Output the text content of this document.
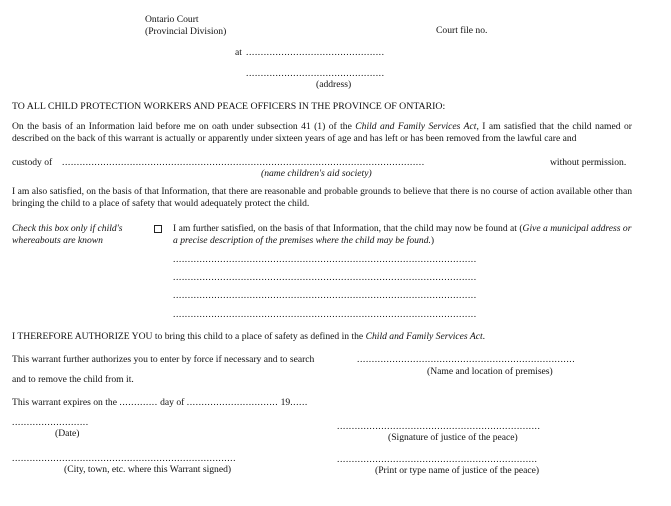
Ontario Court
(Provincial Division)	Court file no.
at ...............................................
...............................................
(address)
TO ALL CHILD PROTECTION WORKERS AND PEACE OFFICERS IN THE PROVINCE OF ONTARIO:
On the basis of an Information laid before me on oath under subsection 41 (1) of the Child and Family Services Act, I am satisfied that the child named or described on the back of this warrant is actually or apparently under sixteen years of age and has left or has been removed from the lawful care and
custody of ...........................................................................................................................	without permission.
(name children's aid society)
I am also satisfied, on the basis of that Information, that there are reasonable and probable grounds to believe that there is no course of action available other than bringing the child to a place of safety that would adequately protect the child.
Check this box only if child's
whereabouts are known
I am further satisfied, on the basis of that Information, that the child may now be found at (Give a municipal address or a precise description of the premises where the child may be found.)
.......................................................................................................
.......................................................................................................
.......................................................................................................
.......................................................................................................
I THEREFORE AUTHORIZE YOU to bring this child to a place of safety as defined in the Child and Family Services Act.
This warrant further authorizes you to enter by force if necessary and to search	..........................................................................
(Name and location of premises)
and to remove the child from it.
This warrant expires on the ............. day of ............................... 19......
..........................
(Date)
.....................................................................
(Signature of justice of the peace)
............................................................................
(City, town, etc. where this Warrant signed)
....................................................................
(Print or type name of justice of the peace)
